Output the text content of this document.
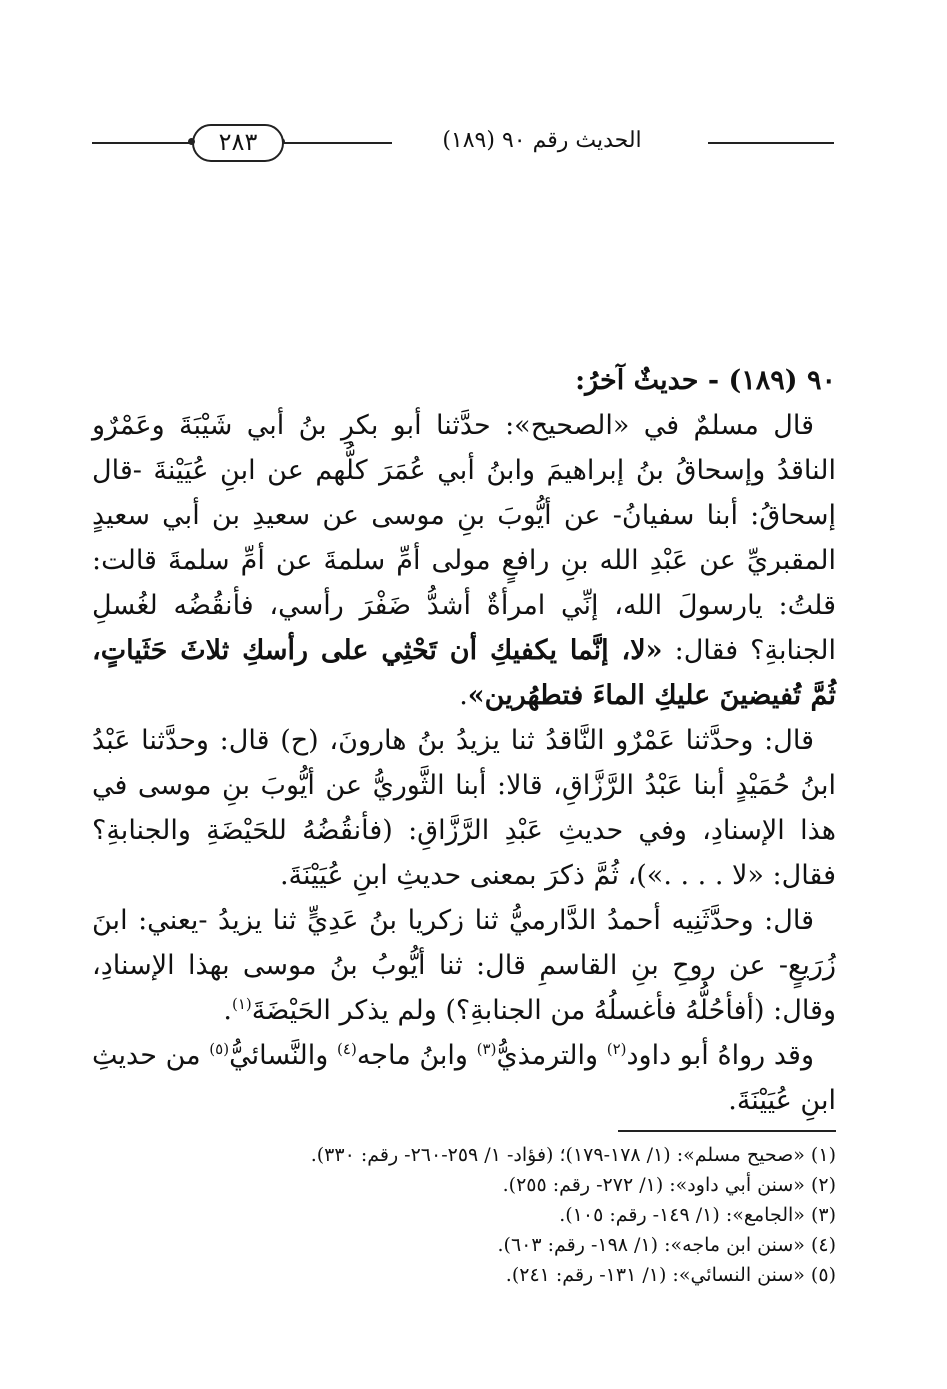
الحديث رقم ٩٠ (١٨٩)
٢٨٣

٩٠ (١٨٩) - حديثٌ آخرُ:

قال مسلمٌ في «الصحيح»: حدَّثنا أبو بكرِ بنُ أبي شَيْبَةَ وعَمْرٌو الناقدُ وإسحاقُ بنُ إبراهيمَ وابنُ أبي عُمَرَ كلُّهم عن ابنِ عُيَيْنةَ -قال إسحاقُ: أبنا سفيانُ- عن أيُّوبَ بنِ موسى عن سعيدِ بن أبي سعيدٍ المقبريِّ عن عَبْدِ الله بنِ رافعٍ مولى أمِّ سلمةَ عن أمِّ سلمةَ قالت: قلتُ: يارسولَ الله، إنِّي امرأةٌ أشدُّ ضَفْرَ رأسي، فأنقُضُه لغُسلِ الجنابةِ؟ فقال: «لا، إنَّما يكفيكِ أن تَحْثِي على رأسكِ ثلاثَ حَثَياتٍ، ثُمَّ تُفيضينَ عليكِ الماءَ فتطهُرين».

قال: وحدَّثنا عَمْرٌو النَّاقدُ ثنا يزيدُ بنُ هارونَ، (ح) قال: وحدَّثنا عَبْدُ ابنُ حُمَيْدٍ أبنا عَبْدُ الرَّزَّاقِ، قالا: أبنا الثَّوريُّ عن أيُّوبَ بنِ موسى في هذا الإسنادِ، وفي حديثِ عَبْدِ الرَّزَّاقِ: (فأنقُضُهُ للحَيْضَةِ والجنابةِ؟ فقال: «لا . . . .»)، ثُمَّ ذكرَ بمعنى حديثِ ابنِ عُيَيْنَةَ.

قال: وحدَّثَنِيه أحمدُ الدَّارميُّ ثنا زكريا بنُ عَدِيٍّ ثنا يزيدُ -يعني: ابنَ زُرَيعٍ- عن روحِ بنِ القاسمِ قال: ثنا أيُّوبُ بنُ موسى بهذا الإسنادِ، وقال: (أفأحُلُّهُ فأغسلُهُ من الجنابةِ؟) ولم يذكر الحَيْضَةَ$^{(١)}$.

وقد رواهُ أبو داود$^{(٢)}$ والترمذيُّ$^{(٣)}$ وابنُ ماجه$^{(٤)}$ والنَّسائيُّ$^{(٥)}$ من حديثِ ابنِ عُيَيْنَةَ.

(١) «صحيح مسلم»: (١/ ١٧٨-١٧٩)؛ (فؤاد- ١/ ٢٥٩-٢٦٠- رقم: ٣٣٠).

(٢) «سنن أبي داود»: (١/ ٢٧٢- رقم: ٢٥٥).

(٣) «الجامع»: (١/ ١٤٩- رقم: ١٠٥).

(٤) «سنن ابن ماجه»: (١/ ١٩٨- رقم: ٦٠٣).

(٥) «سنن النسائي»: (١/ ١٣١- رقم: ٢٤١).
